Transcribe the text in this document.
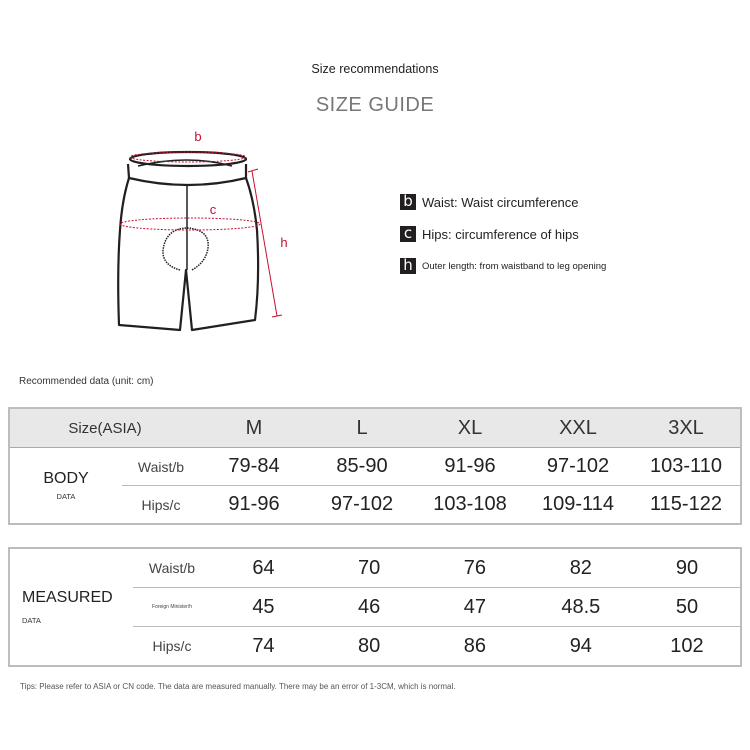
Size recommendations
SIZE GUIDE
b
c
h
b Waist: Waist circumference
c Hips: circumference of hips
h Outer length: from waistband to leg opening
Recommended data (unit: cm)
Size(ASIA)		M	L	XL	XXL	3XL
BODY
DATA	Waist/b	79-84	85-90	91-96	97-102	103-110
	Hips/c	91-96	97-102	103-108	109-114	115-122
MEASURED
DATA	Waist/b	64	70	76	82	90
	Foreign Minister/h	45	46	47	48.5	50
	Hips/c	74	80	86	94	102
Tips: Please refer to ASIA or CN code. The data are measured manually. There may be an error of 1-3CM, which is normal.
